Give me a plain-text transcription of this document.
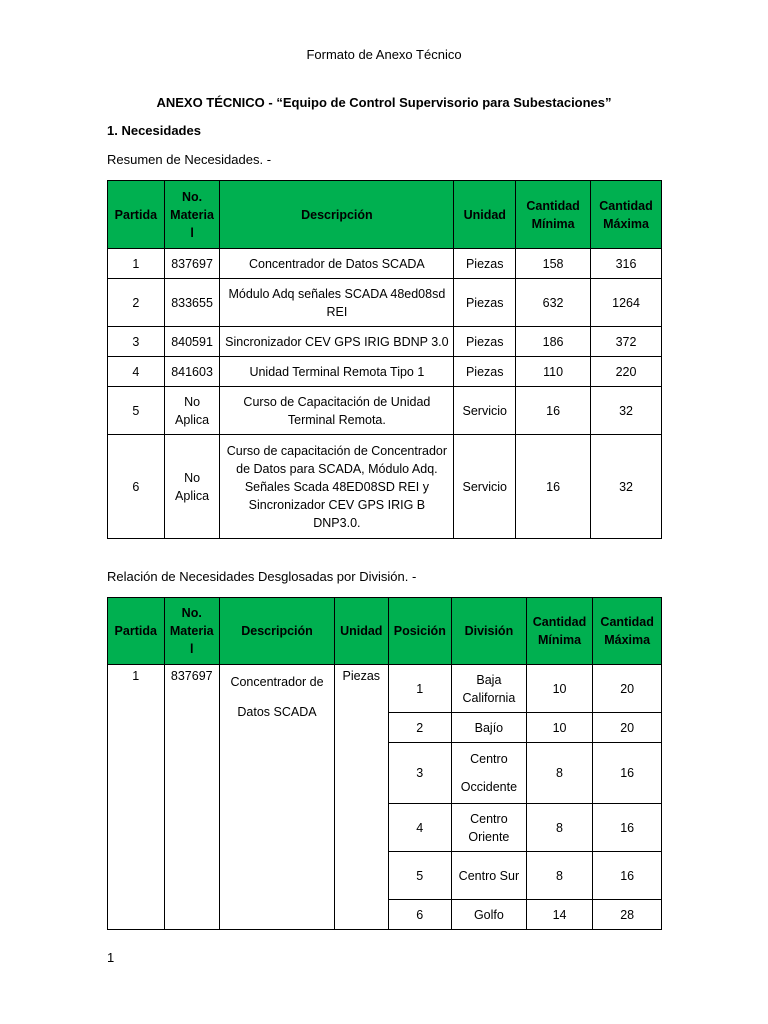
Formato de Anexo Técnico
ANEXO TÉCNICO - “Equipo de Control Supervisorio para Subestaciones”
1. Necesidades
Resumen de Necesidades. -
Partida	No. Materia l	Descripción	Unidad	Cantidad Mínima	Cantidad Máxima
1	837697	Concentrador de Datos SCADA	Piezas	158	316
2	833655	Módulo Adq señales SCADA 48ed08sd REI	Piezas	632	1264
3	840591	Sincronizador CEV GPS IRIG BDNP 3.0	Piezas	186	372
4	841603	Unidad Terminal Remota Tipo 1	Piezas	110	220
5	No Aplica	Curso de Capacitación de Unidad Terminal Remota.	Servicio	16	32
6	No Aplica	Curso de capacitación de Concentrador de Datos para SCADA, Módulo Adq. Señales Scada 48ED08SD REI y Sincronizador CEV GPS IRIG B DNP3.0.	Servicio	16	32
Relación de Necesidades Desglosadas por División. -
Partida	No. Materia l	Descripción	Unidad	Posición	División	Cantidad Mínima	Cantidad Máxima
1	837697	Concentrador de Datos SCADA	Piezas	1	Baja California	10	20
				2	Bajío	10	20
				3	Centro Occidente	8	16
				4	Centro Oriente	8	16
				5	Centro Sur	8	16
				6	Golfo	14	28
1
